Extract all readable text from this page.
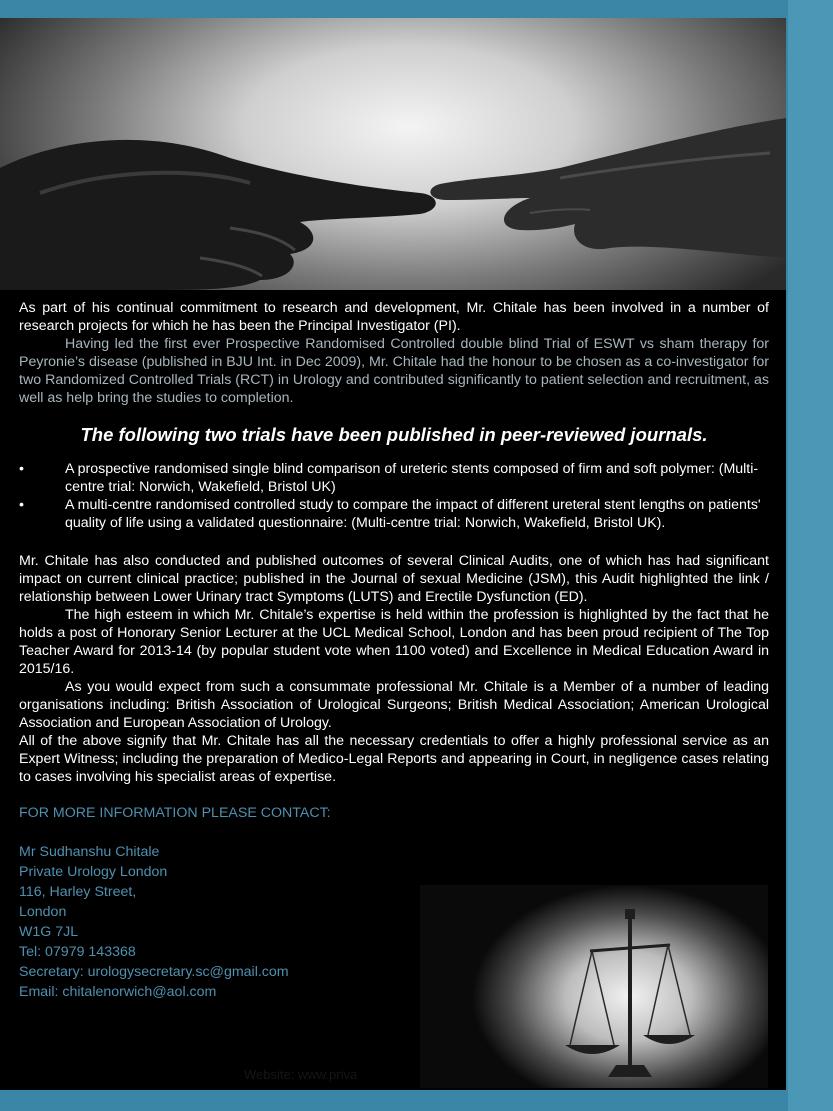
As part of his continual commitment to research and development, Mr. Chitale has been involved in a number of research projects for which he has been the Principal Investigator (PI).

Having led the first ever Prospective Randomised Controlled double blind Trial of ESWT vs sham therapy for Peyronie’s disease (published in BJU Int. in Dec 2009), Mr. Chitale had the honour to be chosen as a co-investigator for two Randomized Controlled Trials (RCT) in Urology and contributed significantly to patient selection and recruitment, as well as help bring the studies to completion.

The following two trials have been published in peer-reviewed journals.
•	A prospective randomised single blind comparison of ureteric stents composed of firm and soft polymer: (Multi-centre trial: Norwich, Wakefield, Bristol UK)
•	A multi-centre randomised controlled study to compare the impact of different ureteral stent lengths on patients' quality of life using a validated questionnaire: (Multi-centre trial: Norwich, Wakefield, Bristol UK).

Mr. Chitale has also conducted and published outcomes of several Clinical Audits, one of which has had significant impact on current clinical practice; published in the Journal of sexual Medicine (JSM), this Audit highlighted the link / relationship between Lower Urinary tract Symptoms (LUTS) and Erectile Dysfunction (ED).

The high esteem in which Mr. Chitale’s expertise is held within the profession is highlighted by the fact that he holds a post of Honorary Senior Lecturer at the UCL Medical School, London and has been proud recipient of The Top Teacher Award for 2013-14 (by popular student vote when 1100 voted) and Excellence in Medical Education Award in 2015/16.

As you would expect from such a consummate professional Mr. Chitale is a Member of a number of leading organisations including: British Association of Urological Surgeons; British Medical Association; American Urological Association and European Association of Urology.

All of the above signify that Mr. Chitale has all the necessary credentials to offer a highly professional service as an Expert Witness; including the preparation of Medico-Legal Reports and appearing in Court, in negligence cases relating to cases involving his specialist areas of expertise.

FOR MORE INFORMATION PLEASE CONTACT:
Mr Sudhanshu Chitale
Private Urology London
116, Harley Street,
London
W1G 7JL
Tel: 07979 143368
Secretary: urologysecretary.sc@gmail.com
Email: chitalenorwich@aol.com
Website: www.priva
